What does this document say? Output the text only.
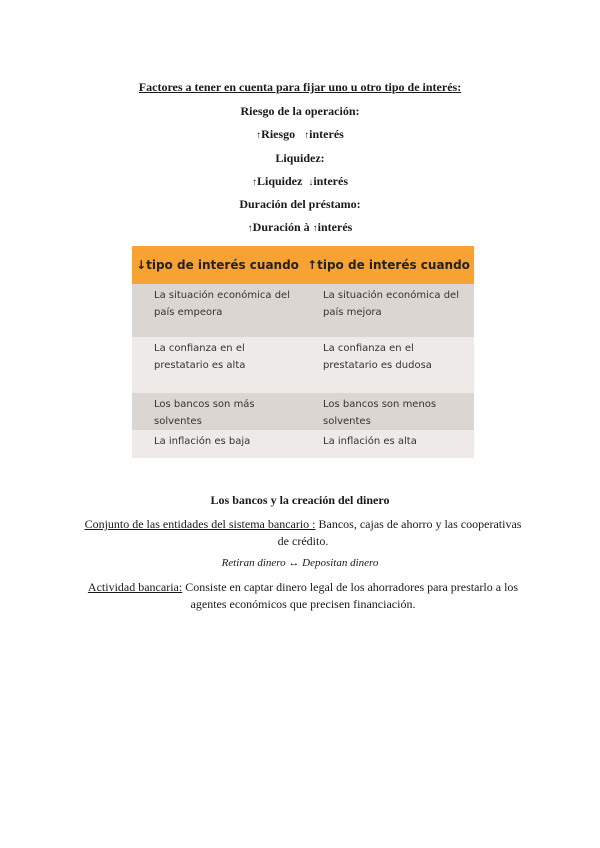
Factores a tener en cuenta para fijar uno u otro tipo de interés:
Riesgo de la operación:
↑Riesgo ↑interés
Liquidez:
↑Liquidez ↓interés
Duración del préstamo:
↑Duración à ↑interés
↓tipo de interés cuando	↑tipo de interés cuando
La situación económica del país empeora	La situación económica del país mejora
La confianza en el prestatario es alta	La confianza en el prestatario es dudosa
Los bancos son más solventes	Los bancos son menos solventes
La inflación es baja	La inflación es alta
Los bancos y la creación del dinero
Conjunto de las entidades del sistema bancario : Bancos, cajas de ahorro y las cooperativas de crédito.
Retiran dinero ↔ Depositan dinero
Actividad bancaria: Consiste en captar dinero legal de los ahorradores para prestarlo a los agentes económicos que precisen financiación.
